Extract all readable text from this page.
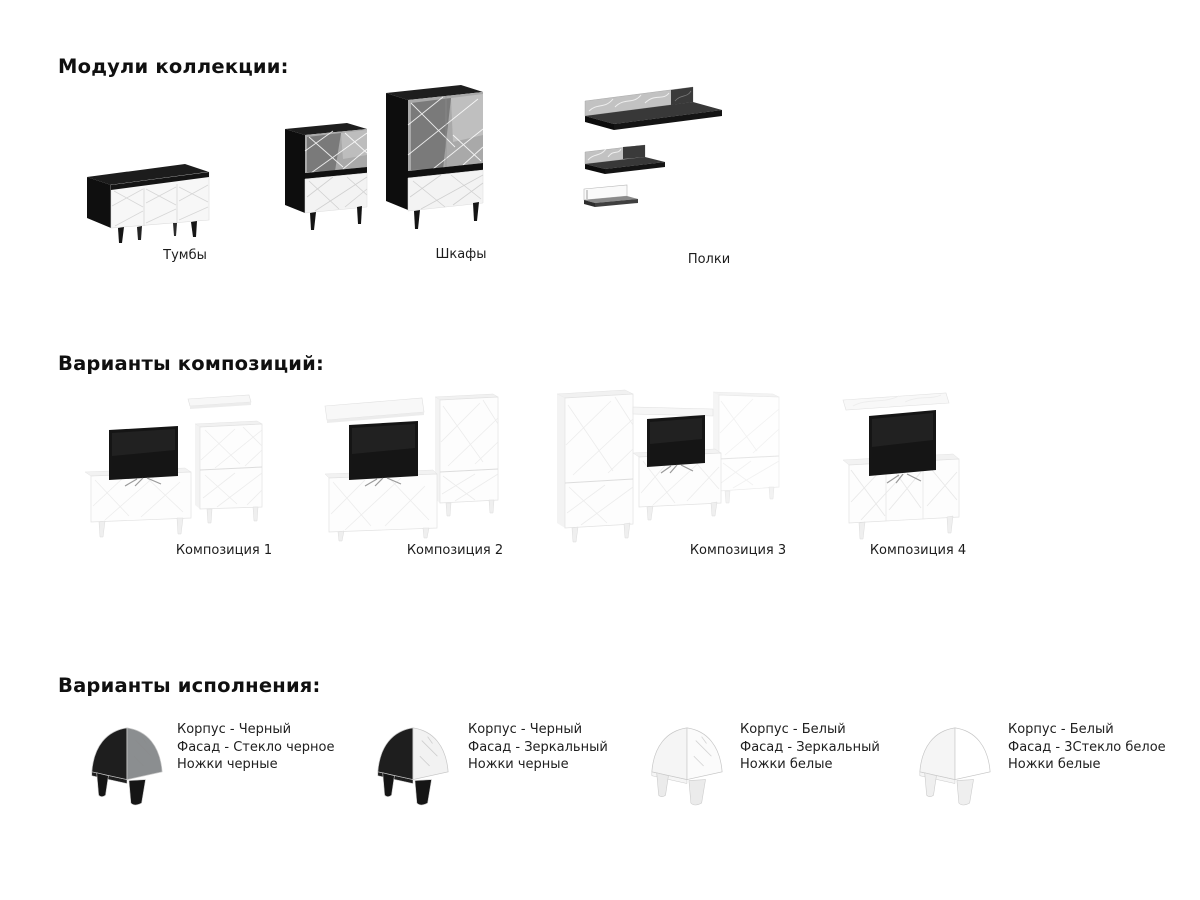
Модули коллекции:
Тумбы	Шкафы	Полки
Варианты композиций:
Композиция 1	Композиция 2	Композиция 3	Композиция 4
Варианты исполнения:
Корпус - Черный
Фасад - Стекло черное
Ножки черные
Корпус - Черный
Фасад - Зеркальный
Ножки черные
Корпус - Белый
Фасад - Зеркальный
Ножки белые
Корпус - Белый
Фасад - 3Стекло белое
Ножки белые
